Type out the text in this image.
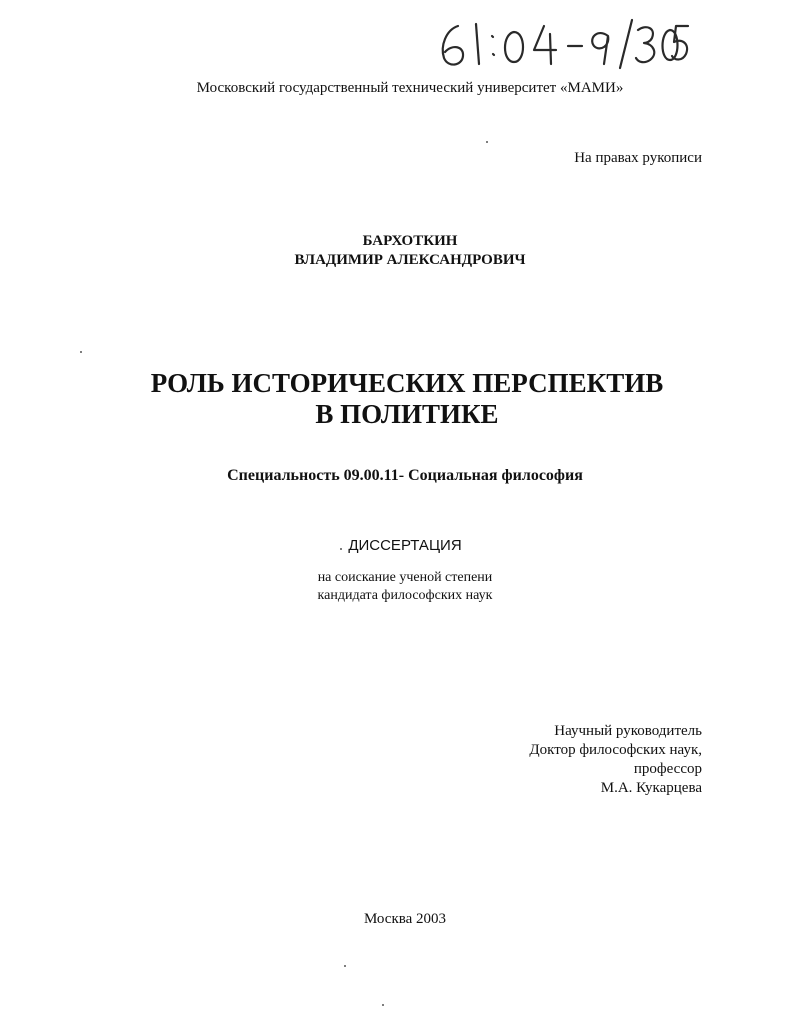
Московский государственный технический университет «МАМИ»
На правах рукописи
БАРХОТКИН
ВЛАДИМИР АЛЕКСАНДРОВИЧ
РОЛЬ ИСТОРИЧЕСКИХ ПЕРСПЕКТИВ
В ПОЛИТИКЕ
Специальность 09.00.11- Социальная философия
ДИССЕРТАЦИЯ
на соискание ученой степени
кандидата философских наук
Научный руководитель
Доктор философских наук,
профессор
М.А. Кукарцева
Москва 2003
